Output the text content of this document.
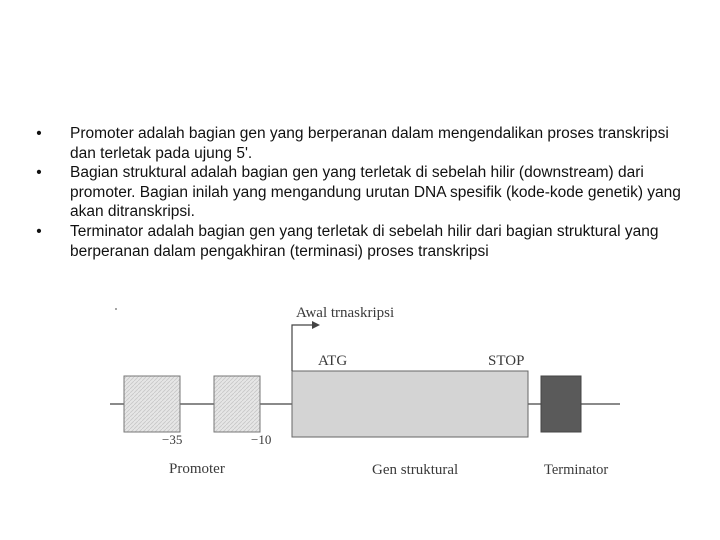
• Promoter adalah bagian gen yang berperanan dalam mengendalikan proses transkripsi dan terletak pada ujung 5'.
• Bagian struktural adalah bagian gen yang terletak di sebelah hilir (downstream) dari promoter. Bagian inilah yang mengandung urutan DNA spesifik (kode-kode genetik) yang akan ditranskripsi.
• Terminator adalah bagian gen yang terletak di sebelah hilir dari bagian struktural yang berperanan dalam pengakhiran (terminasi) proses transkripsi
Awal trnaskripsi
ATG	STOP
−35	−10
Promoter	Gen struktural	Terminator
